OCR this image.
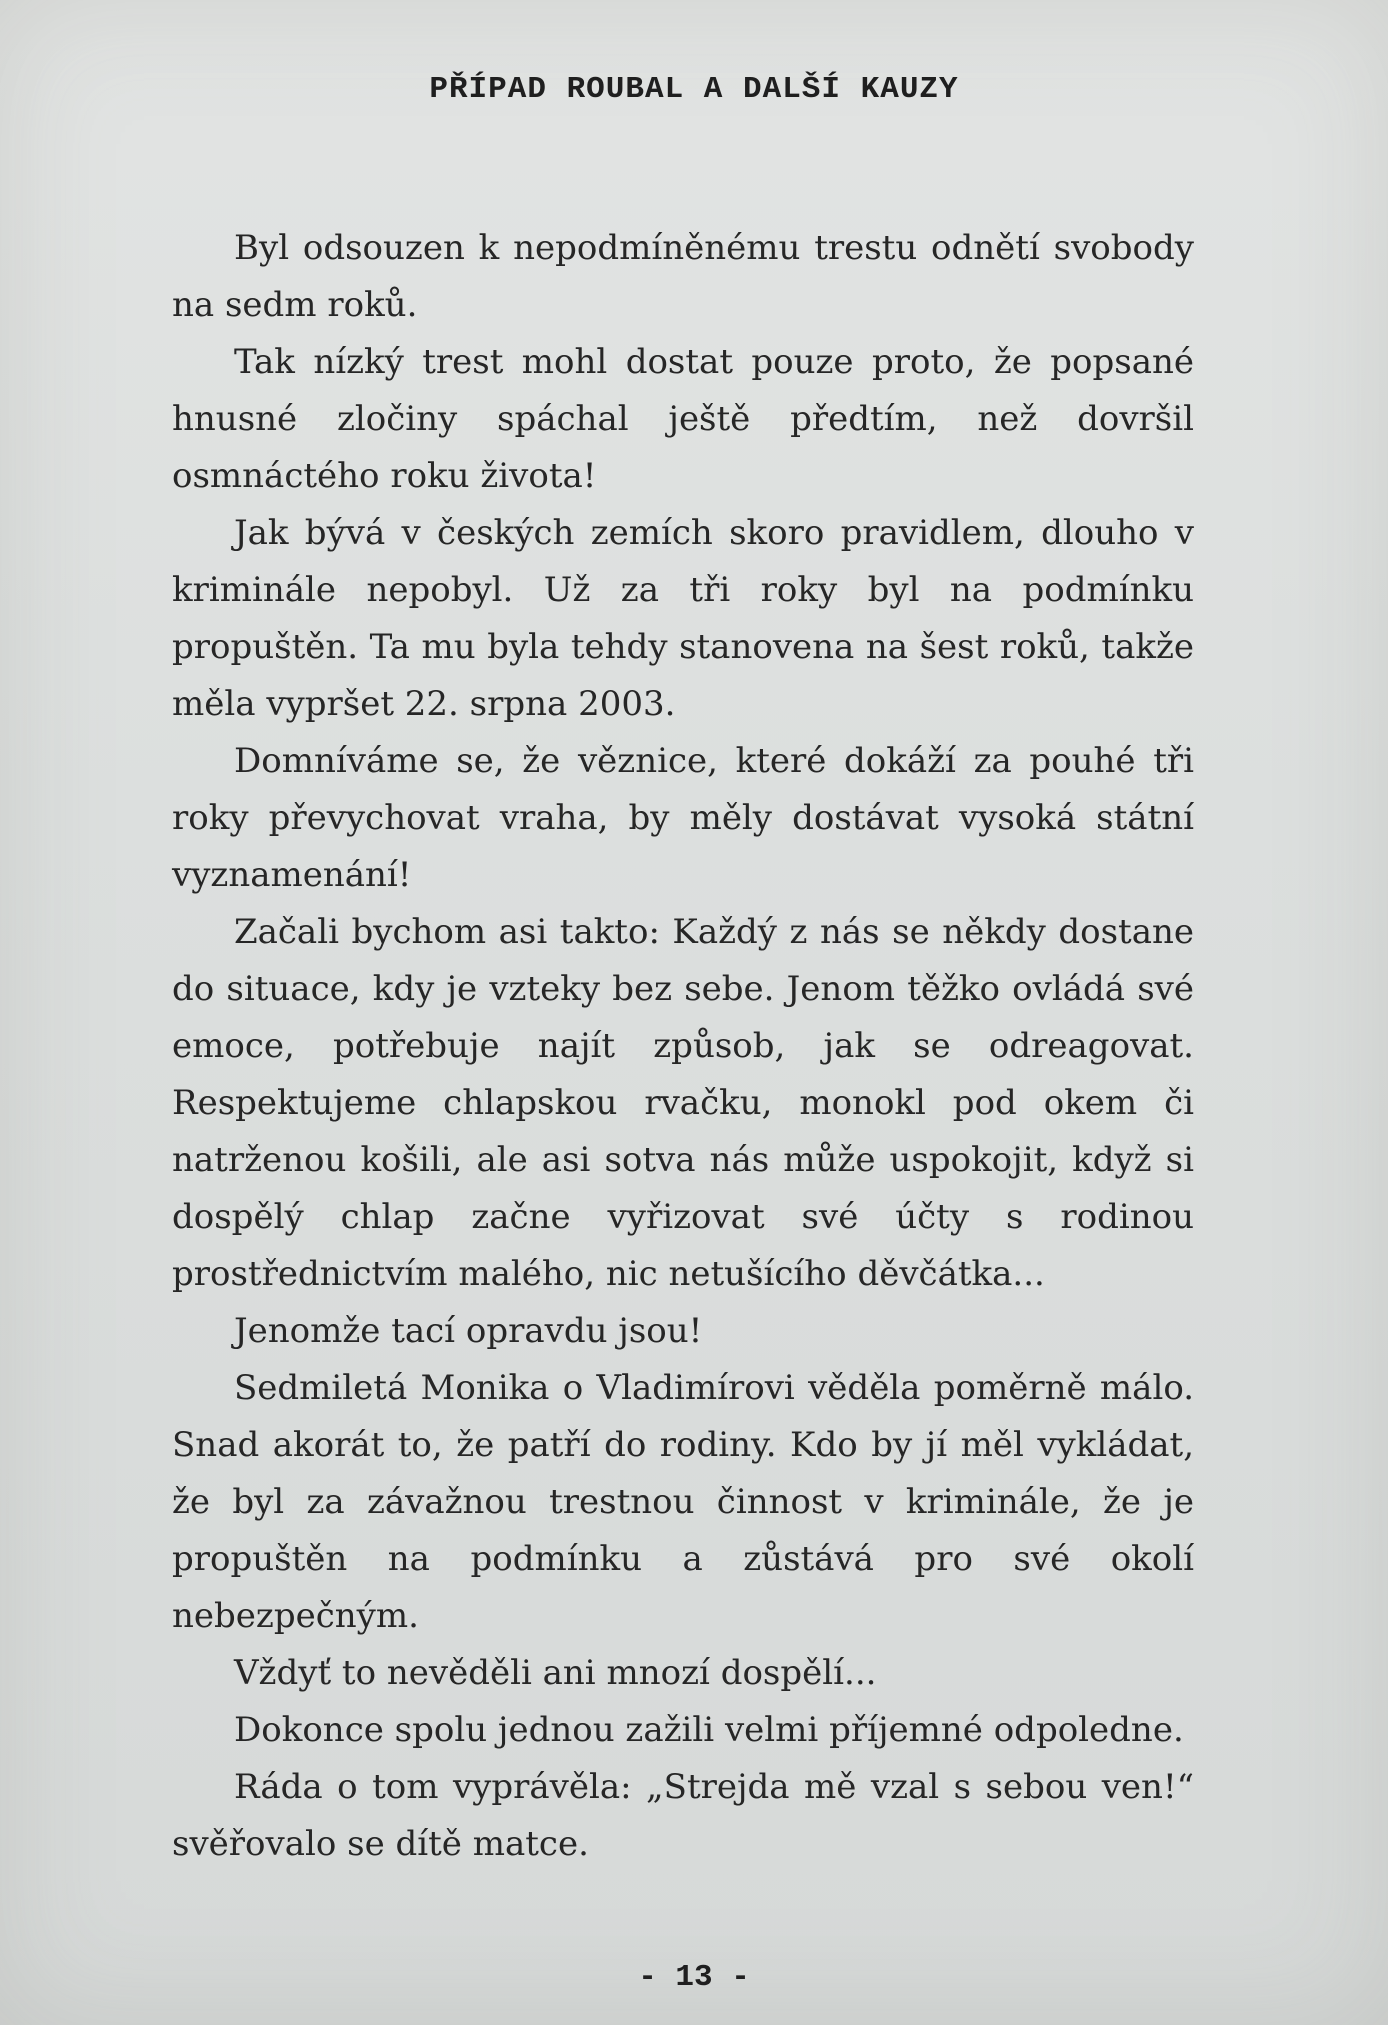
PŘÍPAD ROUBAL A DALŠÍ KAUZY

Byl odsouzen k nepodmíněnému trestu odnětí svobody na sedm roků.

Tak nízký trest mohl dostat pouze proto, že popsané hnusné zločiny spáchal ještě předtím, než dovršil osmnáctého roku života!

Jak bývá v českých zemích skoro pravidlem, dlouho v kriminále nepobyl. Už za tři roky byl na podmínku propuštěn. Ta mu byla tehdy stanovena na šest roků, takže měla vypršet 22. srpna 2003.

Domníváme se, že věznice, které dokáží za pouhé tři roky převychovat vraha, by měly dostávat vysoká státní vyznamenání!

Začali bychom asi takto: Každý z nás se někdy dostane do situace, kdy je vzteky bez sebe. Jenom těžko ovládá své emoce, potřebuje najít způsob, jak se odreagovat. Respektujeme chlapskou rvačku, monokl pod okem či natrženou košili, ale asi sotva nás může uspokojit, když si dospělý chlap začne vyřizovat své účty s rodinou prostřednictvím malého, nic netušícího děvčátka...

Jenomže tací opravdu jsou!

Sedmiletá Monika o Vladimírovi věděla poměrně málo. Snad akorát to, že patří do rodiny. Kdo by jí měl vykládat, že byl za závažnou trestnou činnost v kriminále, že je propuštěn na podmínku a zůstává pro své okolí nebezpečným.

Vždyť to nevěděli ani mnozí dospělí...

Dokonce spolu jednou zažili velmi příjemné odpoledne.

Ráda o tom vyprávěla: „Strejda mě vzal s sebou ven!“ svěřovalo se dítě matce.

- 13 -
